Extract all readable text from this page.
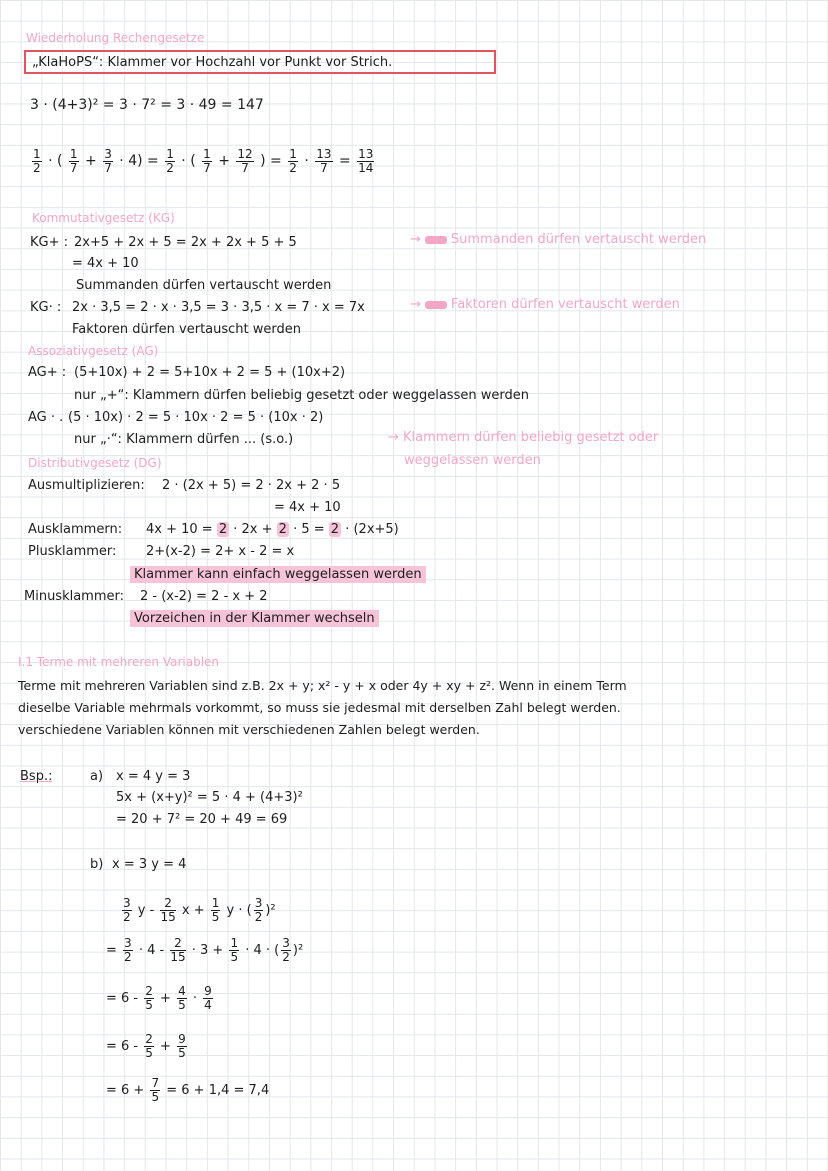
Wiederholung Rechengesetze
„KlaHoPS“: Klammer vor Hochzahl vor Punkt vor Strich.
3 · (4+3)² = 3 · 7² = 3 · 49 = 147
$\frac{1}{2}$ · ( $\frac{1}{7} + \frac{3}{7} \cdot 4) = \frac{1}{2}$ · ( $\frac{1}{7} + \frac{12}{7}$ ) = $\frac{1}{2} \cdot \frac{13}{7} = \frac{13}{14}$
Kommutativgesetz (KG)
KG+ : 2x+5 + 2x + 5 = 2x + 2x + 5 + 5
= 4x + 10
Summanden dürfen vertauscht werden
→ Summanden dürfen vertauscht werden
KG· : 2x · 3,5 = 2 · x · 3,5 = 3 · 3,5 · x = 7 · x = 7x
Faktoren dürfen vertauscht werden
→ Faktoren dürfen vertauscht werden
Assoziativgesetz (AG)
AG+ : (5+10x) + 2 = 5+10x + 2 = 5 + (10x+2)
nur „+“: Klammern dürfen beliebig gesetzt oder weggelassen werden
AG · . (5 · 10x) · 2 = 5 · 10x · 2 = 5 · (10x · 2)
nur „·“: Klammern dürfen ... (s.o.)	→ Klammern dürfen beliebig gesetzt oder
weggelassen werden
Distributivgesetz (DG)
Ausmultiplizieren: 2 · (2x + 5) = 2 · 2x + 2 · 5
= 4x + 10
Ausklammern: 4x + 10 = 2 · 2x + 2 · 5 = 2 · (2x+5)
Plusklammer: 2+(x-2) = 2+ x - 2 = x
Klammer kann einfach weggelassen werden
Minusklammer: 2 - (x-2) = 2 - x + 2
Vorzeichen in der Klammer wechseln
I.1 Terme mit mehreren Variablen
Terme mit mehreren Variablen sind z.B. 2x + y; x² - y + x oder 4y + xy + z². Wenn in einem Term
dieselbe Variable mehrmals vorkommt, so muss sie jedesmal mit derselben Zahl belegt werden.
verschiedene Variablen können mit verschiedenen Zahlen belegt werden.
Bsp.:	a) x = 4 y = 3
5x + (x+y)² = 5 · 4 + (4+3)²
= 20 + 7² = 20 + 49 = 69
b) x = 3 y = 4
$\frac{3}{2}$ y - $\frac{2}{15}$ $x + \frac{1}{5}$ y · ( $\frac{3}{2} )^2$
= $\frac{3}{2} \cdot 4 - \frac{2}{15} \cdot 3 + \frac{1}{5} \cdot 4$ · ( $\frac{3}{2} )^2$
= $6 - \frac{2}{5} + \frac{4}{5} \cdot \frac{9}{4}$
= $6 - \frac{2}{5} + \frac{9}{5}$
= $6 + \frac{7}{5} = 6 + 1,4 = 7,4$
